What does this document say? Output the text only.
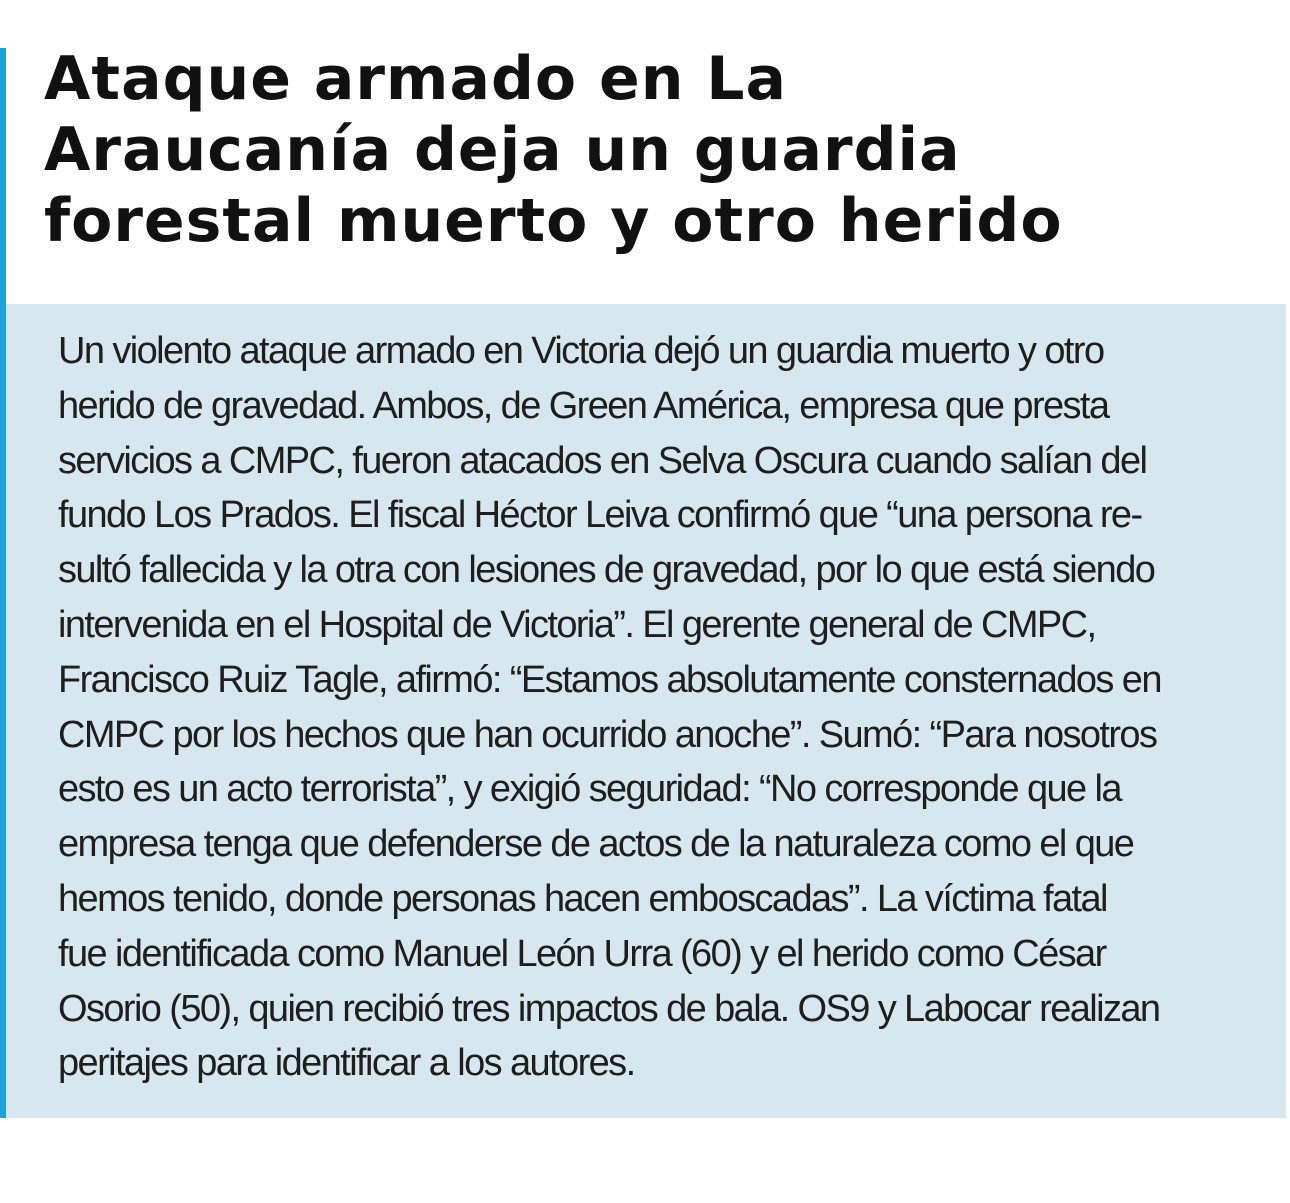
Ataque armado en La
Araucanía deja un guardia
forestal muerto y otro herido

Un violento ataque armado en Victoria dejó un guardia muerto y otro
herido de gravedad. Ambos, de Green América, empresa que presta
servicios a CMPC, fueron atacados en Selva Oscura cuando salían del
fundo Los Prados. El fiscal Héctor Leiva confirmó que “una persona re-
sultó fallecida y la otra con lesiones de gravedad, por lo que está siendo
intervenida en el Hospital de Victoria”. El gerente general de CMPC,
Francisco Ruiz Tagle, afirmó: “Estamos absolutamente consternados en
CMPC por los hechos que han ocurrido anoche”. Sumó: “Para nosotros
esto es un acto terrorista”, y exigió seguridad: “No corresponde que la
empresa tenga que defenderse de actos de la naturaleza como el que
hemos tenido, donde personas hacen emboscadas”. La víctima fatal
fue identificada como Manuel León Urra (60) y el herido como César
Osorio (50), quien recibió tres impactos de bala. OS9 y Labocar realizan
peritajes para identificar a los autores.
